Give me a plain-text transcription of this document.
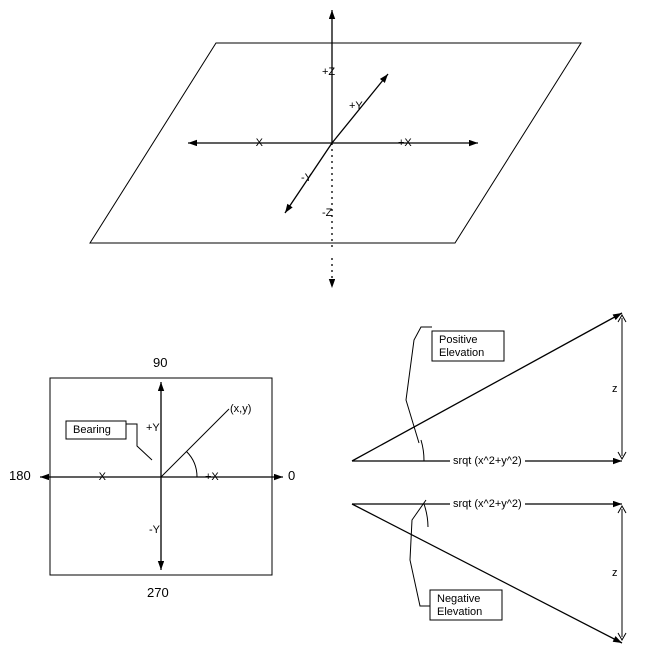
+Z
-Z
+Y
-Y
+X
-X
90
270
180	0
+Y
-Y
+X
-X
(x,y)
Bearing
Positive
Elevation
srqt (x^2+y^2)
z
Negative
Elevation
srqt (x^2+y^2)
z
